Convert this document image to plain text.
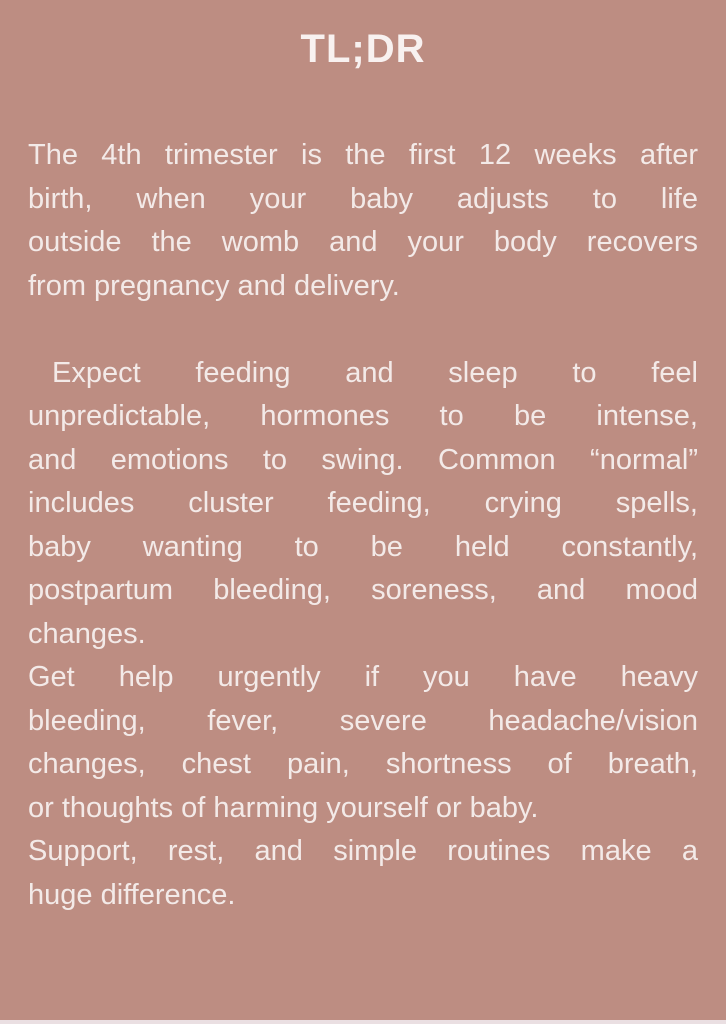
TL;DR
The 4th trimester is the first 12 weeks after
birth, when your baby adjusts to life
outside the womb and your body recovers
from pregnancy and delivery.
Expect feeding and sleep to feel
unpredictable, hormones to be intense,
and emotions to swing. Common “normal”
includes cluster feeding, crying spells,
baby wanting to be held constantly,
postpartum bleeding, soreness, and mood
changes.
Get help urgently if you have heavy
bleeding, fever, severe headache/vision
changes, chest pain, shortness of breath,
or thoughts of harming yourself or baby.
Support, rest, and simple routines make a
huge difference.
